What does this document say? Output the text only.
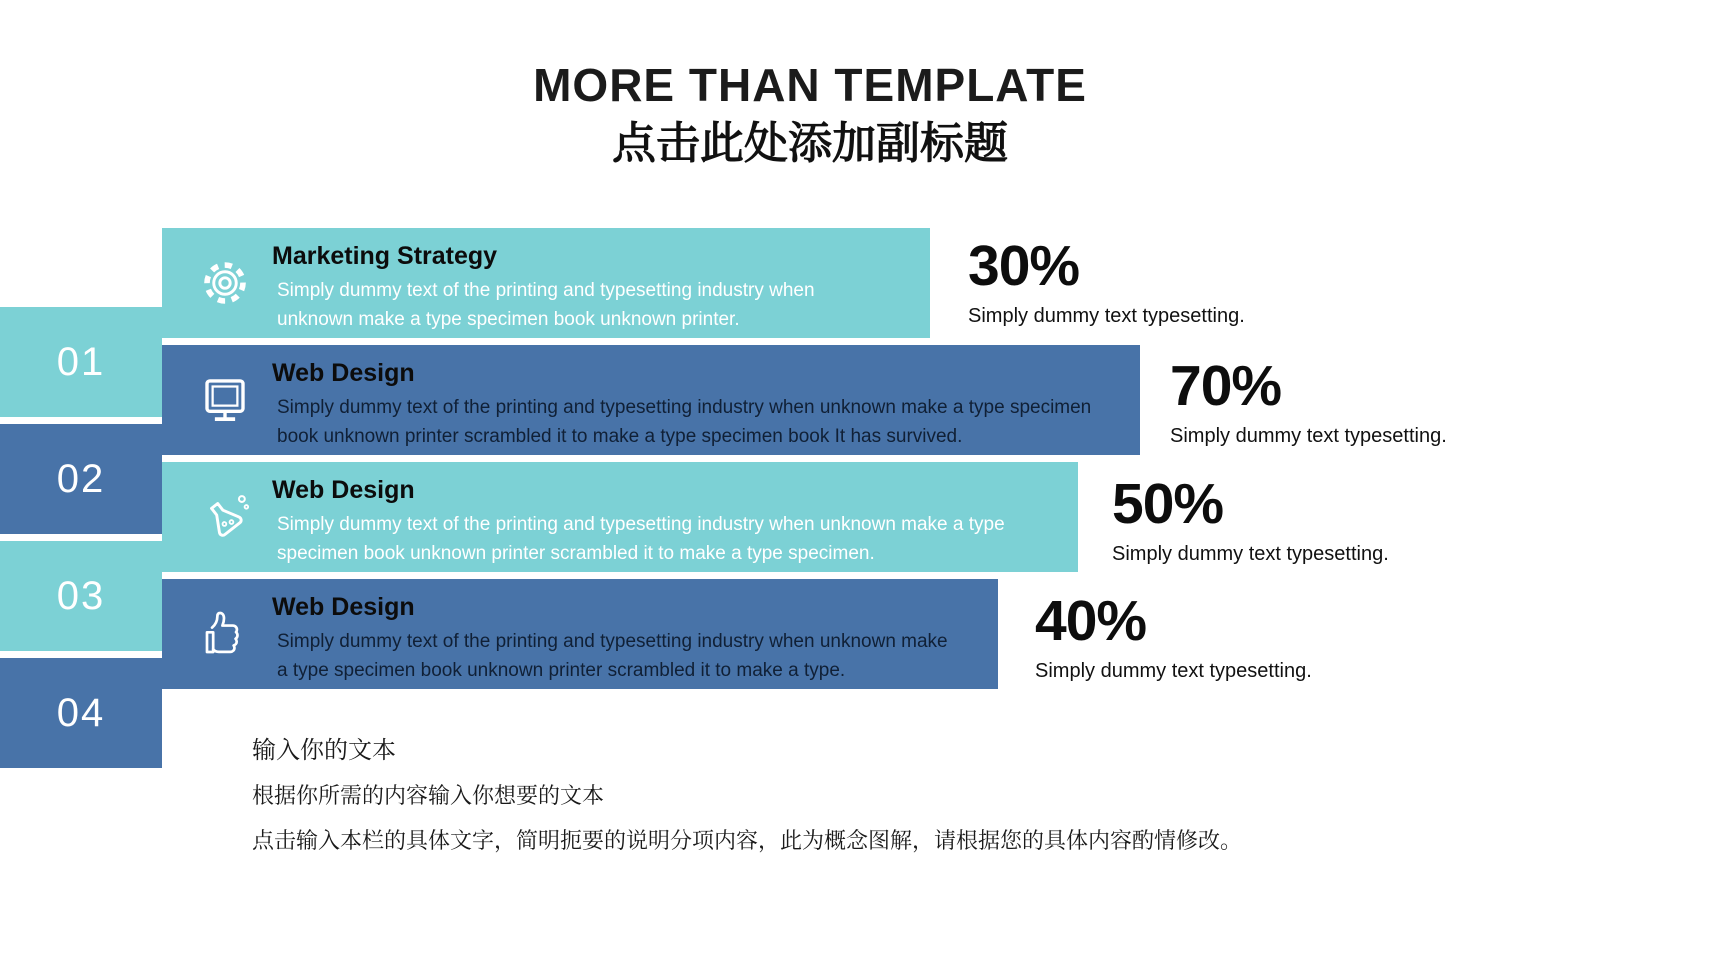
MORE THAN TEMPLATE
点击此处添加副标题
01
02
03
04
Marketing Strategy
Simply dummy text of the printing and typesetting industry when unknown make a type specimen book unknown printer.
Web Design
Simply dummy text of the printing and typesetting industry when unknown make a type specimen book unknown printer scrambled it to make a type specimen book It has survived.
Web Design
Simply dummy text of the printing and typesetting industry when unknown make a type specimen book unknown printer scrambled it to make a type specimen.
Web Design
Simply dummy text of the printing and typesetting industry when unknown make a type specimen book unknown printer scrambled it to make a type.
30%
Simply dummy text typesetting.
70%
Simply dummy text typesetting.
50%
Simply dummy text typesetting.
40%
Simply dummy text typesetting.
输入你的文本
根据你所需的内容输入你想要的文本
点击输入本栏的具体文字，简明扼要的说明分项内容，此为概念图解，请根据您的具体内容酌情修改。
